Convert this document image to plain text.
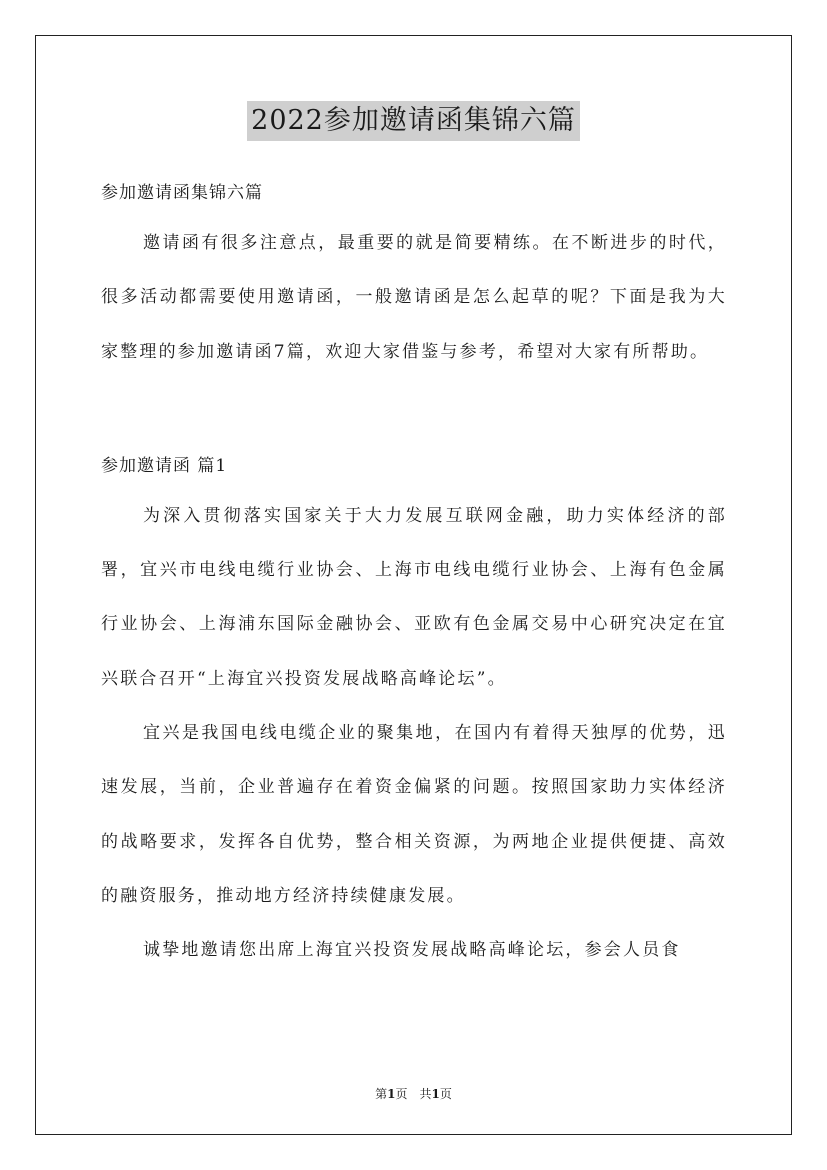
2022参加邀请函集锦六篇

参加邀请函集锦六篇

邀请函有很多注意点，最重要的就是简要精练。在不断进步的时代，很多活动都需要使用邀请函，一般邀请函是怎么起草的呢？下面是我为大家整理的参加邀请函7篇，欢迎大家借鉴与参考，希望对大家有所帮助。

参加邀请函 篇1

为深入贯彻落实国家关于大力发展互联网金融，助力实体经济的部署，宜兴市电线电缆行业协会、上海市电线电缆行业协会、上海有色金属行业协会、上海浦东国际金融协会、亚欧有色金属交易中心研究决定在宜兴联合召开“上海宜兴投资发展战略高峰论坛”。

宜兴是我国电线电缆企业的聚集地，在国内有着得天独厚的优势，迅速发展，当前，企业普遍存在着资金偏紧的问题。按照国家助力实体经济的战略要求，发挥各自优势，整合相关资源，为两地企业提供便捷、高效的融资服务，推动地方经济持续健康发展。

诚挚地邀请您出席上海宜兴投资发展战略高峰论坛，参会人员食

第1页　共1页
